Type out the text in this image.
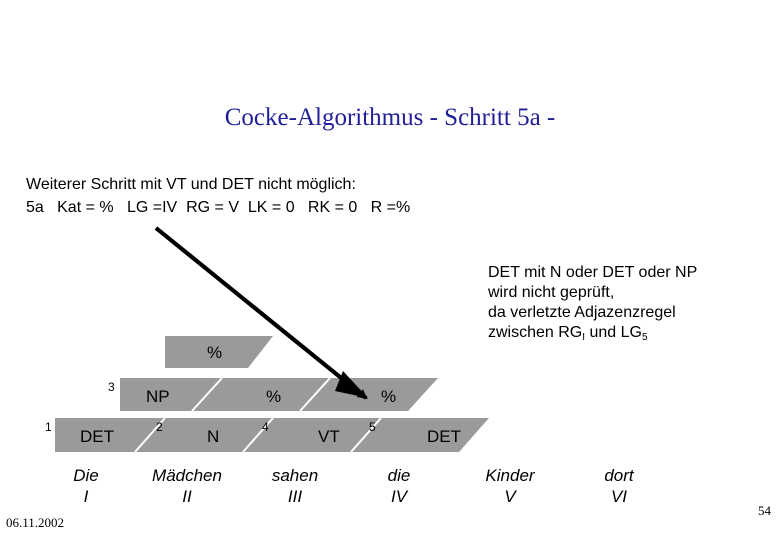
Cocke-Algorithmus - Schritt 5a -
Weiterer Schritt mit VT und DET nicht möglich:
5a   Kat = %   LG =IV  RG = V  LK = 0   RK = 0   R =%
DET mit N oder DET oder NP
wird nicht geprüft,
da verletzte Adjazenzregel
zwischen $RG_I$ und $LG_5$
%
3 NP	%	%
1 DET	2	N	4	VT 5	DET
Die
I
Mädchen
II
sahen
III
die
IV
Kinder
V
dort
VI
06.11.2002
54
